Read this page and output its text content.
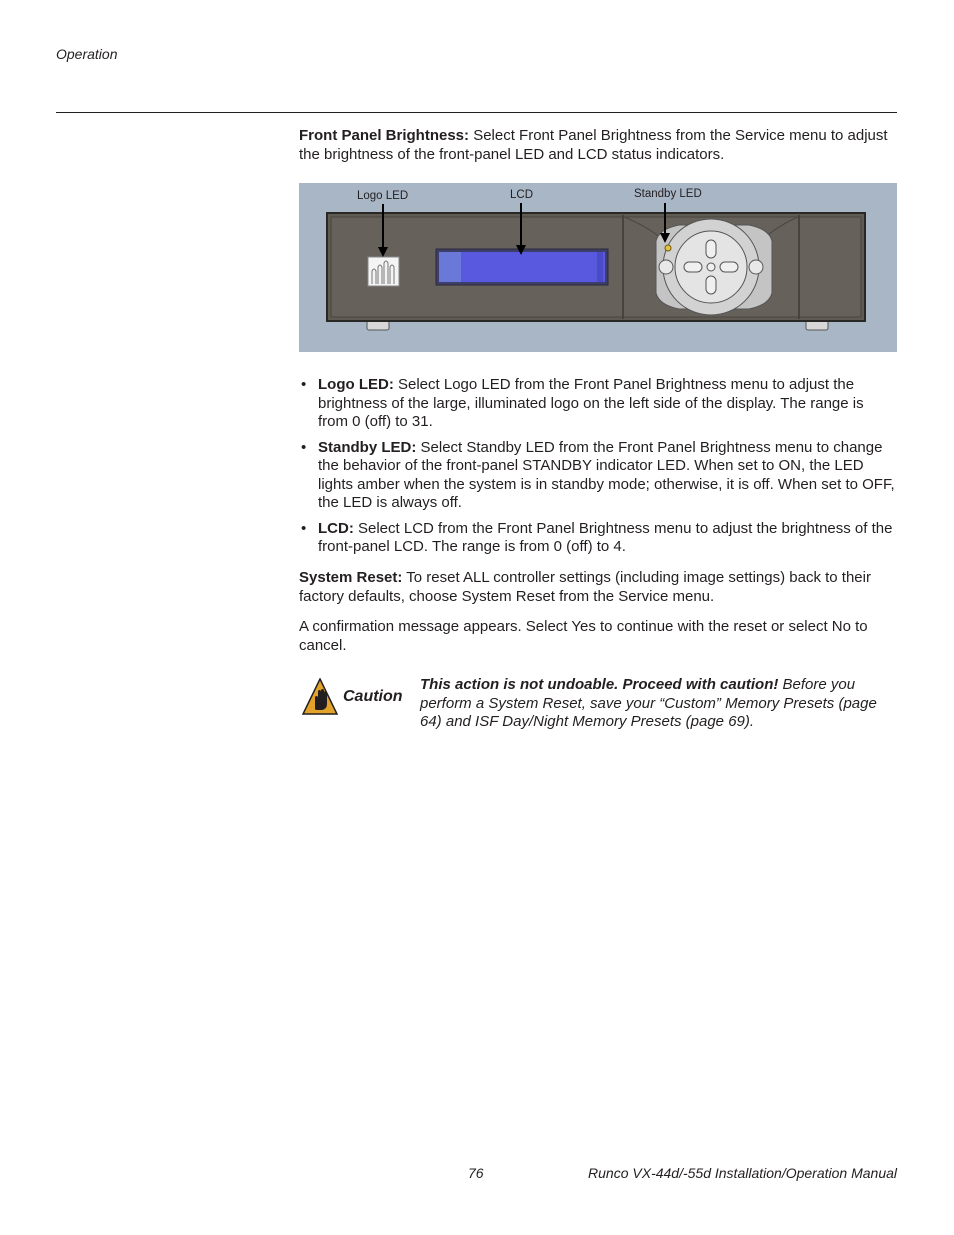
Operation
Front Panel Brightness: Select Front Panel Brightness from the Service menu to adjust the brightness of the front-panel LED and LCD status indicators.
Logo LED	LCD	Standby LED
• Logo LED: Select Logo LED from the Front Panel Brightness menu to adjust the brightness of the large, illuminated logo on the left side of the display. The range is from 0 (off) to 31.
• Standby LED: Select Standby LED from the Front Panel Brightness menu to change the behavior of the front-panel STANDBY indicator LED. When set to ON, the LED lights amber when the system is in standby mode; otherwise, it is off. When set to OFF, the LED is always off.
• LCD: Select LCD from the Front Panel Brightness menu to adjust the brightness of the front-panel LCD. The range is from 0 (off) to 4.
System Reset: To reset ALL controller settings (including image settings) back to their factory defaults, choose System Reset from the Service menu.
A confirmation message appears. Select Yes to continue with the reset or select No to cancel.
Caution
This action is not undoable. Proceed with caution! Before you perform a System Reset, save your “Custom” Memory Presets (page 64) and ISF Day/Night Memory Presets (page 69).
76	Runco VX-44d/-55d Installation/Operation Manual
